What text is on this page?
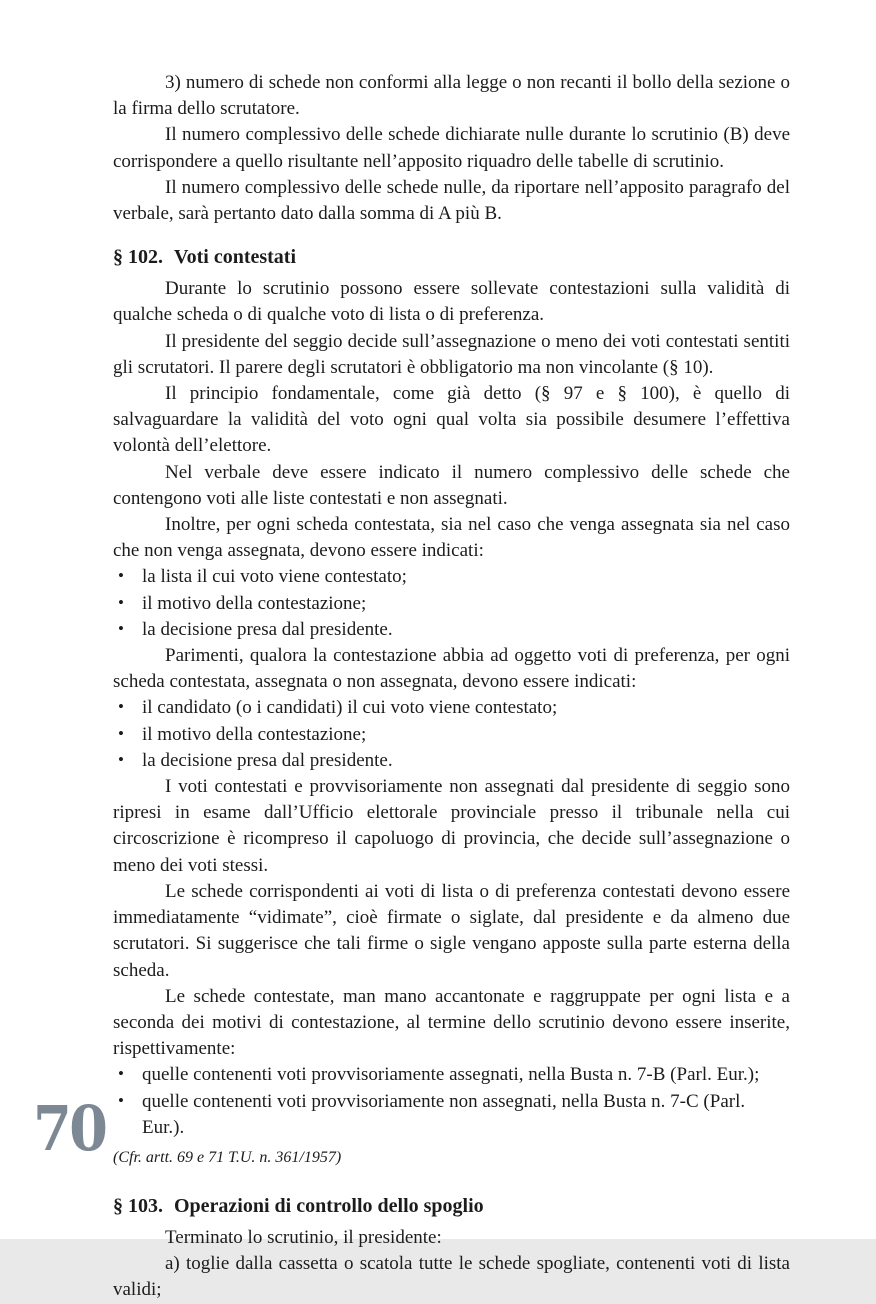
3) numero di schede non conformi alla legge o non recanti il bollo della sezione o la firma dello scrutatore.

Il numero complessivo delle schede dichiarate nulle durante lo scrutinio (B) deve corrispondere a quello risultante nell’apposito riquadro delle tabelle di scrutinio.

Il numero complessivo delle schede nulle, da riportare nell’apposito paragrafo del verbale, sarà pertanto dato dalla somma di A più B.

§ 102. Voti contestati

Durante lo scrutinio possono essere sollevate contestazioni sulla validità di qualche scheda o di qualche voto di lista o di preferenza.

Il presidente del seggio decide sull’assegnazione o meno dei voti contestati sentiti gli scrutatori. Il parere degli scrutatori è obbligatorio ma non vincolante (§ 10).

Il principio fondamentale, come già detto (§ 97 e § 100), è quello di salvaguardare la validità del voto ogni qual volta sia possibile desumere l’effettiva volontà dell’elettore.

Nel verbale deve essere indicato il numero complessivo delle schede che contengono voti alle liste contestati e non assegnati.

Inoltre, per ogni scheda contestata, sia nel caso che venga assegnata sia nel caso che non venga assegnata, devono essere indicati:

• la lista il cui voto viene contestato;
• il motivo della contestazione;
• la decisione presa dal presidente.

Parimenti, qualora la contestazione abbia ad oggetto voti di preferenza, per ogni scheda contestata, assegnata o non assegnata, devono essere indicati:

• il candidato (o i candidati) il cui voto viene contestato;
• il motivo della contestazione;
• la decisione presa dal presidente.

I voti contestati e provvisoriamente non assegnati dal presidente di seggio sono ripresi in esame dall’Ufficio elettorale provinciale presso il tribunale nella cui circoscrizione è ricompreso il capoluogo di provincia, che decide sull’assegnazione o meno dei voti stessi.

Le schede corrispondenti ai voti di lista o di preferenza contestati devono essere immediatamente “vidimate”, cioè firmate o siglate, dal presidente e da almeno due scrutatori. Si suggerisce che tali firme o sigle vengano apposte sulla parte esterna della scheda.

Le schede contestate, man mano accantonate e raggruppate per ogni lista e a seconda dei motivi di contestazione, al termine dello scrutinio devono essere inserite, rispettivamente:

• quelle contenenti voti provvisoriamente assegnati, nella Busta n. 7-B (Parl. Eur.);
• quelle contenenti voti provvisoriamente non assegnati, nella Busta n. 7-C (Parl. Eur.).

(Cfr. artt. 69 e 71 T.U. n. 361/1957)

§ 103. Operazioni di controllo dello spoglio

Terminato lo scrutinio, il presidente:

a) toglie dalla cassetta o scatola tutte le schede spogliate, contenenti voti di lista validi;

70
